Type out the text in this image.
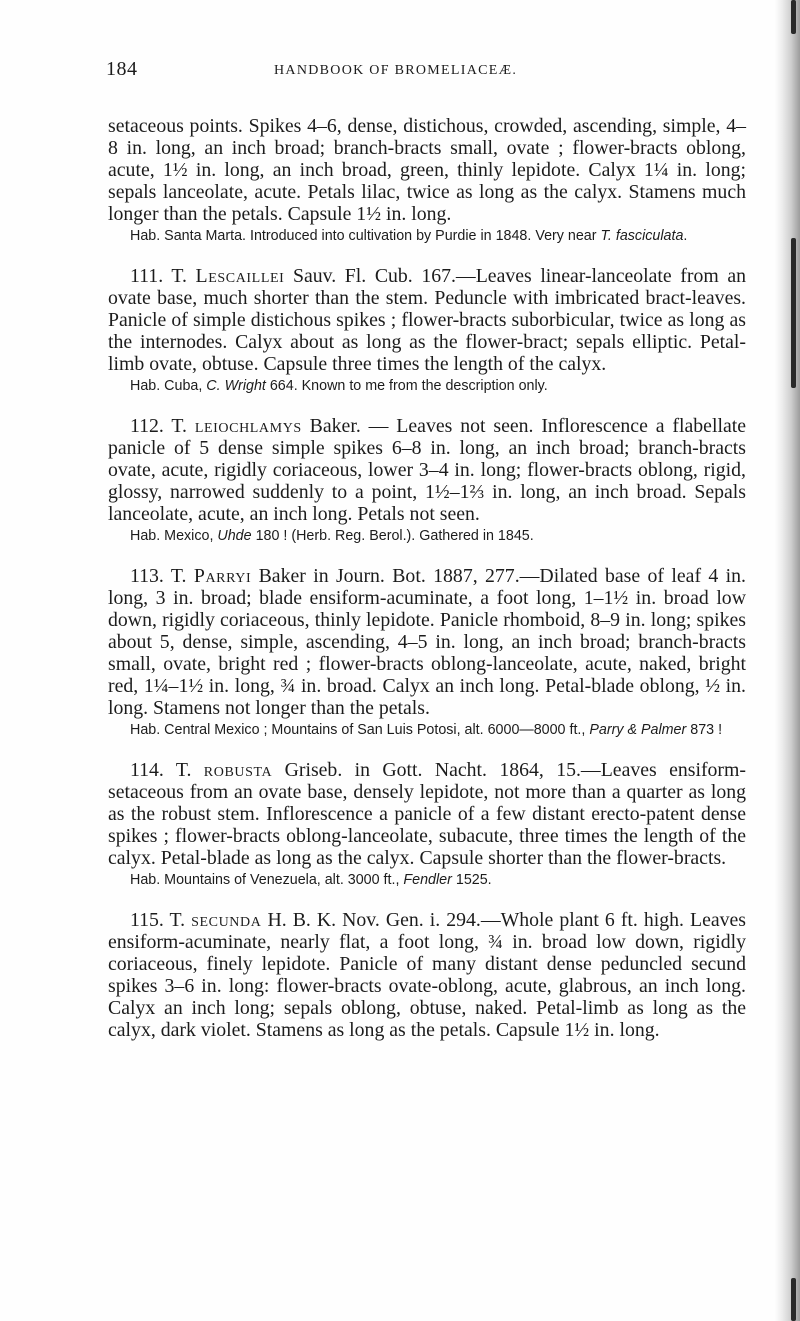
184	HANDBOOK OF BROMELIACEÆ.

setaceous points. Spikes 4–6, dense, distichous, crowded, ascending, simple, 4–8 in. long, an inch broad; branch-bracts small, ovate ; flower-bracts oblong, acute, 1½ in. long, an inch broad, green, thinly lepidote. Calyx 1¼ in. long; sepals lanceolate, acute. Petals lilac, twice as long as the calyx. Stamens much longer than the petals. Capsule 1½ in. long.

Hab. Santa Marta. Introduced into cultivation by Purdie in 1848. Very near T. fasciculata.

111. T. Lescaillei Sauv. Fl. Cub. 167.—Leaves linear-lanceolate from an ovate base, much shorter than the stem. Peduncle with imbricated bract-leaves. Panicle of simple distichous spikes ; flower-bracts suborbicular, twice as long as the internodes. Calyx about as long as the flower-bract; sepals elliptic. Petal-limb ovate, obtuse. Capsule three times the length of the calyx.

Hab. Cuba, C. Wright 664. Known to me from the description only.

112. T. leiochlamys Baker. — Leaves not seen. Inflorescence a flabellate panicle of 5 dense simple spikes 6–8 in. long, an inch broad; branch-bracts ovate, acute, rigidly coriaceous, lower 3–4 in. long; flower-bracts oblong, rigid, glossy, narrowed suddenly to a point, 1½–1⅔ in. long, an inch broad. Sepals lanceolate, acute, an inch long. Petals not seen.

Hab. Mexico, Uhde 180 ! (Herb. Reg. Berol.). Gathered in 1845.

113. T. Parryi Baker in Journ. Bot. 1887, 277.—Dilated base of leaf 4 in. long, 3 in. broad; blade ensiform-acuminate, a foot long, 1–1½ in. broad low down, rigidly coriaceous, thinly lepidote. Panicle rhomboid, 8–9 in. long; spikes about 5, dense, simple, ascending, 4–5 in. long, an inch broad; branch-bracts small, ovate, bright red ; flower-bracts oblong-lanceolate, acute, naked, bright red, 1¼–1½ in. long, ¾ in. broad. Calyx an inch long. Petal-blade oblong, ½ in. long. Stamens not longer than the petals.

Hab. Central Mexico ; Mountains of San Luis Potosi, alt. 6000—8000 ft., Parry & Palmer 873 !

114. T. robusta Griseb. in Gott. Nacht. 1864, 15.—Leaves ensiform-setaceous from an ovate base, densely lepidote, not more than a quarter as long as the robust stem. Inflorescence a panicle of a few distant erecto-patent dense spikes ; flower-bracts oblong-lanceolate, subacute, three times the length of the calyx. Petal-blade as long as the calyx. Capsule shorter than the flower-bracts.

Hab. Mountains of Venezuela, alt. 3000 ft., Fendler 1525.

115. T. secunda H. B. K. Nov. Gen. i. 294.—Whole plant 6 ft. high. Leaves ensiform-acuminate, nearly flat, a foot long, ¾ in. broad low down, rigidly coriaceous, finely lepidote. Panicle of many distant dense peduncled secund spikes 3–6 in. long: flower-bracts ovate-oblong, acute, glabrous, an inch long. Calyx an inch long; sepals oblong, obtuse, naked. Petal-limb as long as the calyx, dark violet. Stamens as long as the petals. Capsule 1½ in. long.
